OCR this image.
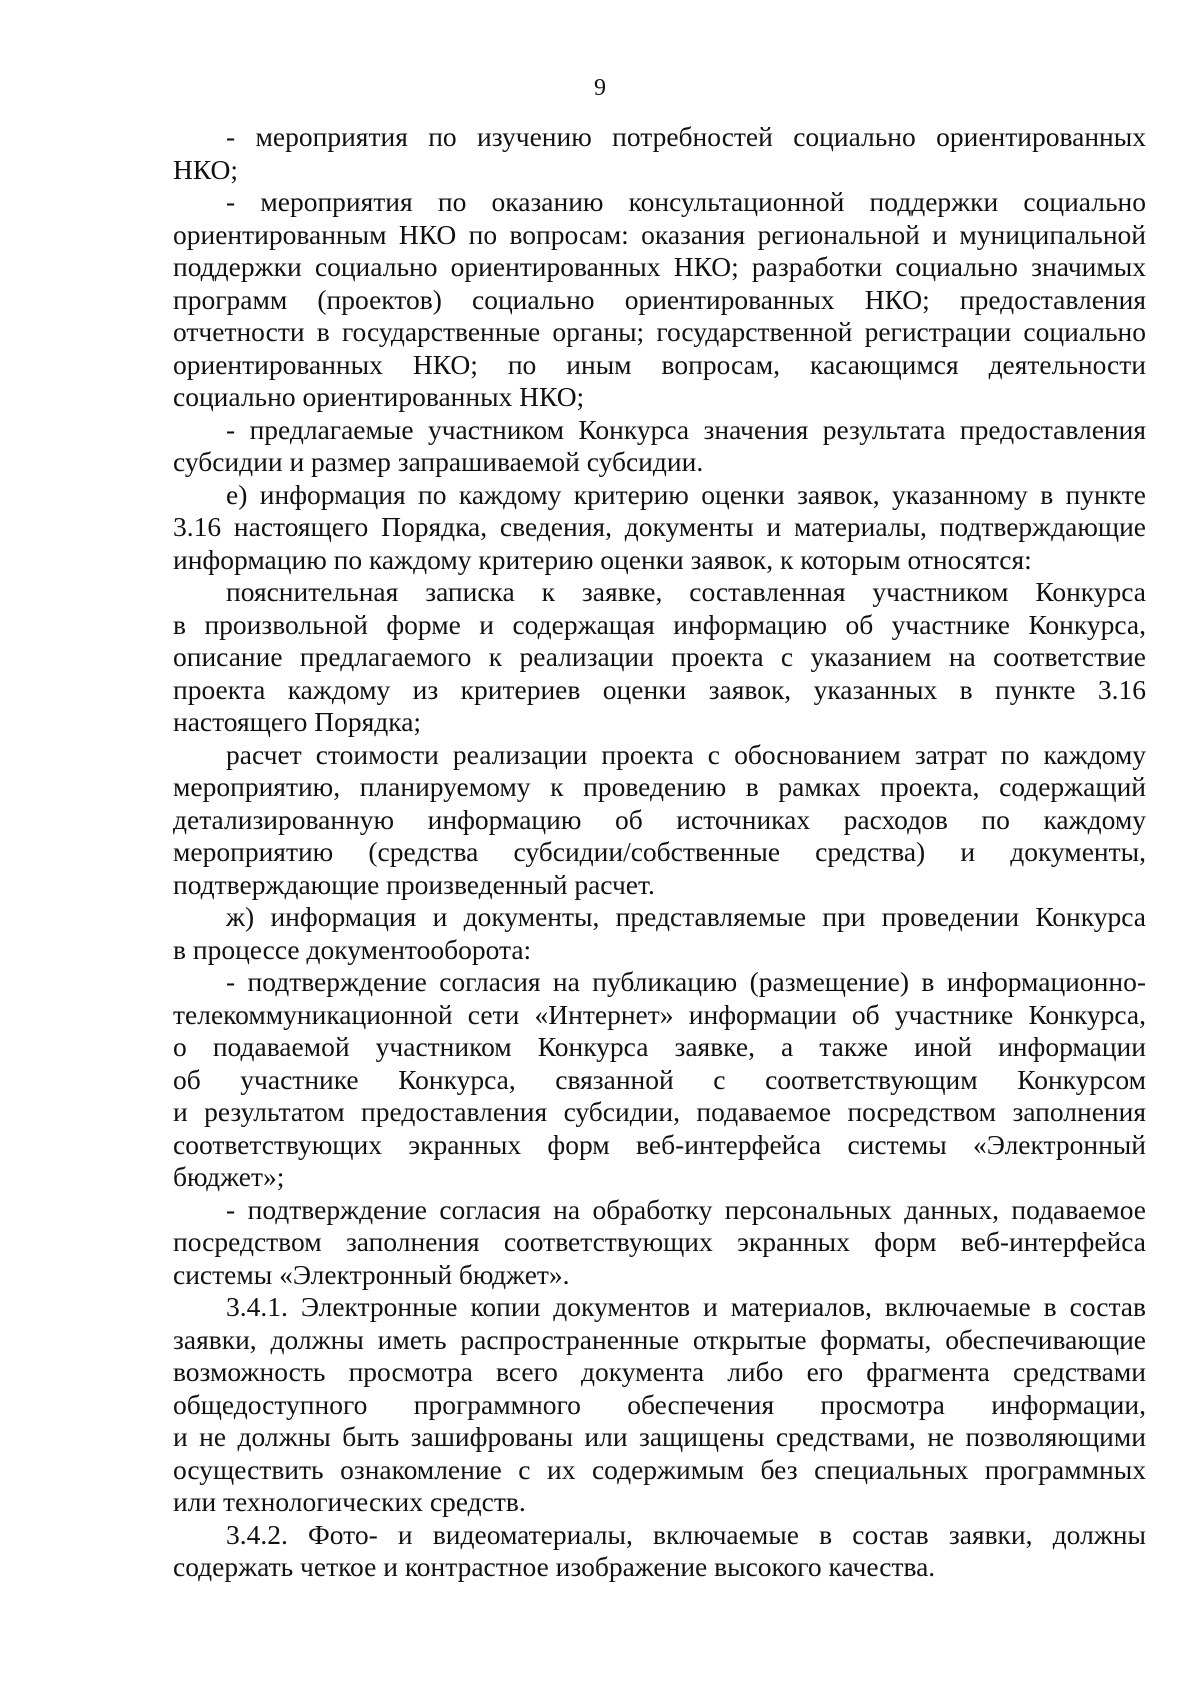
9
- мероприятия по изучению потребностей социально ориентированных
НКО;
- мероприятия по оказанию консультационной поддержки социально
ориентированным НКО по вопросам: оказания региональной и муниципальной
поддержки социально ориентированных НКО; разработки социально значимых
программ (проектов) социально ориентированных НКО; предоставления
отчетности в государственные органы; государственной регистрации социально
ориентированных НКО; по иным вопросам, касающимся деятельности
социально ориентированных НКО;
- предлагаемые участником Конкурса значения результата предоставления
субсидии и размер запрашиваемой субсидии.
е) информация по каждому критерию оценки заявок, указанному в пункте
3.16 настоящего Порядка, сведения, документы и материалы, подтверждающие
информацию по каждому критерию оценки заявок, к которым относятся:
пояснительная записка к заявке, составленная участником Конкурса
в произвольной форме и содержащая информацию об участнике Конкурса,
описание предлагаемого к реализации проекта с указанием на соответствие
проекта каждому из критериев оценки заявок, указанных в пункте 3.16
настоящего Порядка;
расчет стоимости реализации проекта с обоснованием затрат по каждому
мероприятию, планируемому к проведению в рамках проекта, содержащий
детализированную информацию об источниках расходов по каждому
мероприятию (средства субсидии/собственные средства) и документы,
подтверждающие произведенный расчет.
ж) информация и документы, представляемые при проведении Конкурса
в процессе документооборота:
- подтверждение согласия на публикацию (размещение) в информационно-
телекоммуникационной сети «Интернет» информации об участнике Конкурса,
о подаваемой участником Конкурса заявке, а также иной информации
об участнике Конкурса, связанной с соответствующим Конкурсом
и результатом предоставления субсидии, подаваемое посредством заполнения
соответствующих экранных форм веб-интерфейса системы «Электронный
бюджет»;
- подтверждение согласия на обработку персональных данных, подаваемое
посредством заполнения соответствующих экранных форм веб-интерфейса
системы «Электронный бюджет».
3.4.1. Электронные копии документов и материалов, включаемые в состав
заявки, должны иметь распространенные открытые форматы, обеспечивающие
возможность просмотра всего документа либо его фрагмента средствами
общедоступного программного обеспечения просмотра информации,
и не должны быть зашифрованы или защищены средствами, не позволяющими
осуществить ознакомление с их содержимым без специальных программных
или технологических средств.
3.4.2. Фото- и видеоматериалы, включаемые в состав заявки, должны
содержать четкое и контрастное изображение высокого качества.
